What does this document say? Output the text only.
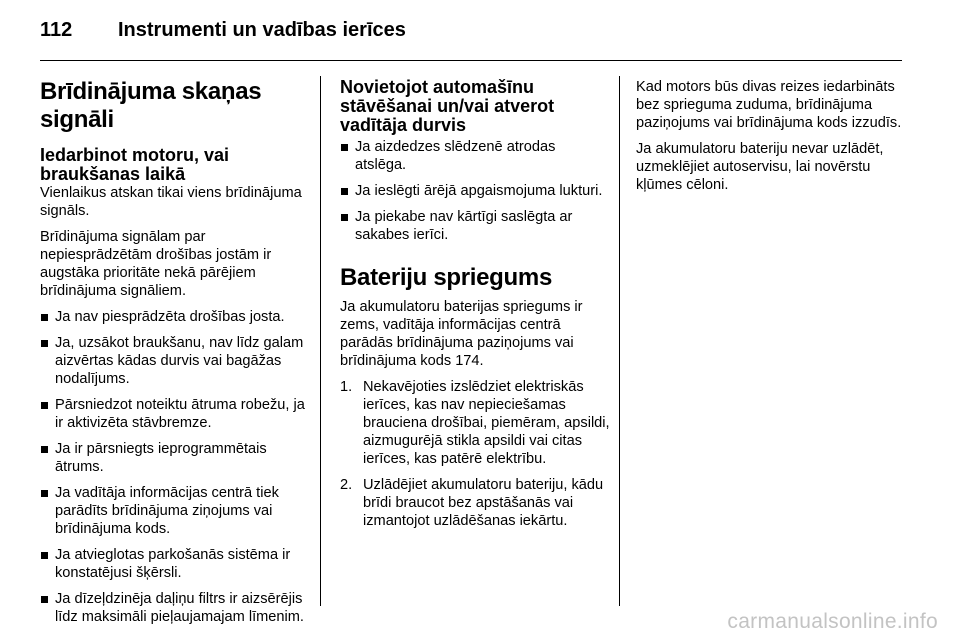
112 Instrumenti un vadības ierīces
Brīdinājuma skaņas signāli
Iedarbinot motoru, vai braukšanas laikā

Vienlaikus atskan tikai viens brīdinājuma signāls.

Brīdinājuma signālam par nepiesprādzētām drošības jostām ir augstāka prioritāte nekā pārējiem brīdinājuma signāliem.

Ja nav piesprādzēta drošības josta.
Ja, uzsākot braukšanu, nav līdz galam aizvērtas kādas durvis vai bagāžas nodalījums.
Pārsniedzot noteiktu ātruma robežu, ja ir aktivizēta stāvbremze.
Ja ir pārsniegts ieprogrammētais ātrums.
Ja vadītāja informācijas centrā tiek parādīts brīdinājuma ziņojums vai brīdinājuma kods.
Ja atvieglotas parkošanās sistēma ir konstatējusi šķērsli.
Ja dīzeļdzinēja daļiņu filtrs ir aizsērējis līdz maksimāli pieļaujamajam līmenim.
Novietojot automašīnu stāvēšanai un/vai atverot vadītāja durvis
Ja aizdedzes slēdzenē atrodas atslēga.
Ja ieslēgti ārējā apgaismojuma lukturi.
Ja piekabe nav kārtīgi saslēgta ar sakabes ierīci.
Bateriju spriegums

Ja akumulatoru baterijas spriegums ir zems, vadītāja informācijas centrā parādās brīdinājuma paziņojums vai brīdinājuma kods 174.

1. Nekavējoties izslēdziet elektriskās ierīces, kas nav nepieciešamas brauciena drošībai, piemēram, apsildi, aizmugurējā stikla apsildi vai citas ierīces, kas patērē elektrību.
2. Uzlādējiet akumulatoru bateriju, kādu brīdi braucot bez apstāšanās vai izmantojot uzlādēšanas iekārtu.

Kad motors būs divas reizes iedarbināts bez sprieguma zuduma, brīdinājuma paziņojums vai brīdinājuma kods izzudīs.

Ja akumulatoru bateriju nevar uzlādēt, uzmeklējiet autoservisu, lai novērstu kļūmes cēloni.

carmanualsonline.info
